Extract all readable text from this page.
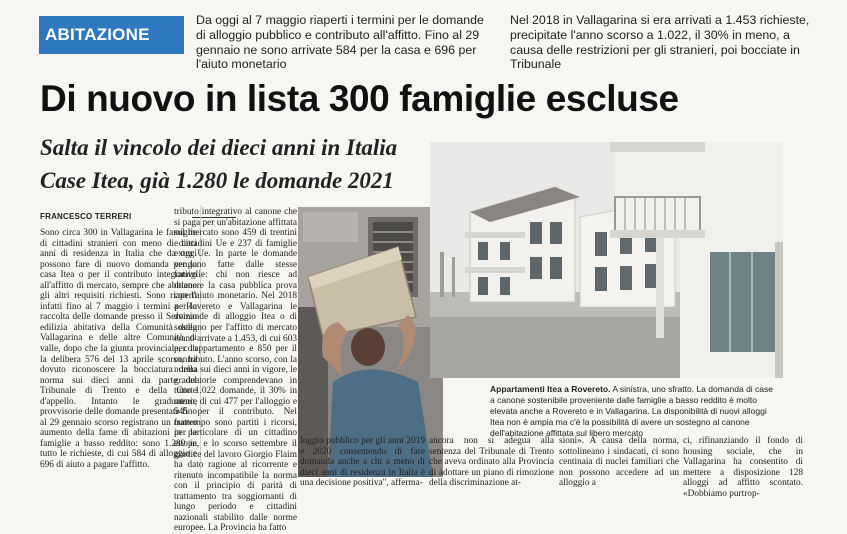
ABITAZIONE
Da oggi al 7 maggio riaperti i termini per le domande di alloggio pubblico e contributo all'affitto. Fino al 29 gennaio ne sono arrivate 584 per la casa e 696 per l'aiuto monetario
Nel 2018 in Vallagarina si era arrivati a 1.453 richieste, precipitate l'anno scorso a 1.022, il 30% in meno, a causa delle restrizioni per gli stranieri, poi bocciate in Tribunale
Di nuovo in lista 300 famiglie escluse
Salta il vincolo dei dieci anni in Italia
Case Itea, già 1.280 le domande 2021
FRANCESCO TERRERI

Sono circa 300 in Vallagarina le famiglie di cittadini stranieri con meno di dieci anni di residenza in Italia che da oggi possono fare di nuovo domanda per la casa Itea o per il contributo integrativo all'affitto di mercato, sempre che abbiano gli altri requisiti richiesti. Sono riaperti infatti fino al 7 maggio i termini per la raccolta delle domande presso il Servizio edilizia abitativa della Comunità della Vallagarina e delle altre Comunità di valle, dopo che la giunta provinciale, con la delibera 576 del 13 aprile scorso, ha dovuto riconoscere la bocciatura della norma sui dieci anni da parte del Tribunale di Trento e della Corte d'appello. Intanto le graduatorie provvisorie delle domande presentate fino al 29 gennaio scorso registrano un nuovo aumento della fame di abitazioni per le famiglie a basso reddito: sono 1.280 in tutto le richieste, di cui 584 di alloggio e 696 di aiuto a pagare l'affitto.

tributo integrativo al canone che si paga per un'abitazione affittata sul mercato sono 459 di trentini e cittadini Ue e 237 di famiglie extra Ue. In parte le domande vengono fatte dalle stesse famiglie: chi non riesce ad ottenere la casa pubblica prova con l'aiuto monetario. Nel 2018 a Rovereto e Vallagarina le domande di alloggio Itea o di sostegno per l'affitto di mercato erano arrivate a 1.453, di cui 603 per l'appartamento e 850 per il contributo. L'anno scorso, con la norma sui dieci anni in vigore, le graduatorie comprendevano in tutto 1.022 domande, il 30% in meno, di cui 477 per l'alloggio e 545 per il contributo. Nel frattempo sono partiti i ricorsi, in particolare di un cittadino etiope, e lo scorso settembre il giudice del lavoro Giorgio Flaim ha dato ragione al ricorrente e ritenuto incompatibile la norma con il principio di parità di trattamento tra soggiornanti di lungo periodo e cittadini nazionali stabilito dalle norme europee. La Provincia ha fatto

Appartamenti Itea a Rovereto. A sinistra, uno sfratto. La domanda di case a canone sostenibile proveniente dalle famiglie a basso reddito è molto elevata anche a Rovereto e in Vallagarina. La disponibilità di nuovi alloggi Itea non è ampia ma c'è la possibilità di avere un sostegno al canone dell'abitazione affittata sul libero mercato

loggio pubblico per gli anni 2019 e 2020 consentendo di fare domanda anche a chi a meno di dieci anni di residenza in Italia è una decisione positiva", afferma-

ancora non si adegua alla sentenza del Tribunale di Trento che aveva ordinato alla Provincia di adottare un piano di rimozione della discriminazione at-

sioni». A causa della norma, sottolineano i sindacati, ci sono centinaia di nuclei familiari che non possono accedere ad un alloggio a

ci, rifinanziando il fondo di housing sociale, che in Vallagarina ha consentito di mettere a disposizione 128 alloggi ad affitto scontato. «Dobbiamo purtrop-
